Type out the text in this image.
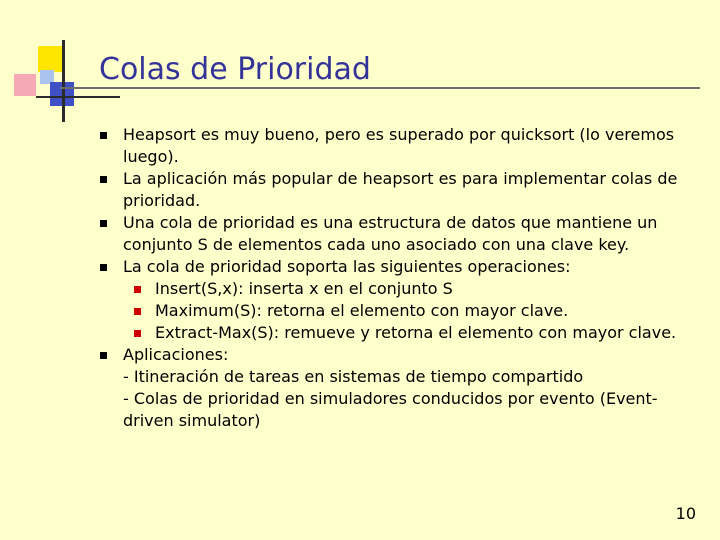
Colas de Prioridad
Heapsort es muy bueno, pero es superado por quicksort (lo veremos
luego).
La aplicación más popular de heapsort es para implementar colas de
prioridad.
Una cola de prioridad es una estructura de datos que mantiene un
conjunto S de elementos cada uno asociado con una clave key.
La cola de prioridad soporta las siguientes operaciones:
Insert(S,x): inserta x en el conjunto S
Maximum(S): retorna el elemento con mayor clave.
Extract-Max(S): remueve y retorna el elemento con mayor clave.
Aplicaciones:
- Itineración de tareas en sistemas de tiempo compartido
- Colas de prioridad en simuladores conducidos por evento (Event-
driven simulator)
10
